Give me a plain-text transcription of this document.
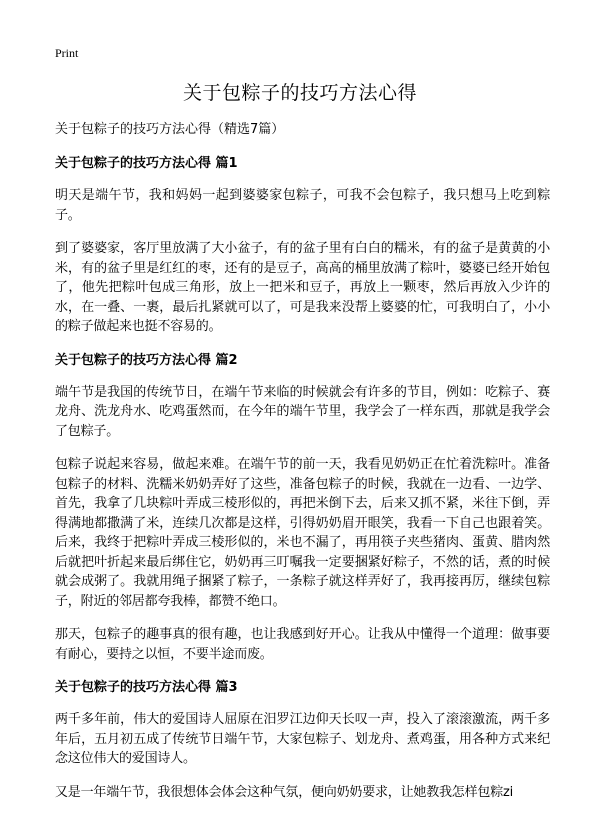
Print
关于包粽子的技巧方法心得

关于包粽子的技巧方法心得（精选7篇）

关于包粽子的技巧方法心得 篇1

明天是端午节，我和妈妈一起到婆婆家包粽子，可我不会包粽子，我只想马上吃到粽子。

到了婆婆家，客厅里放满了大小盆子，有的盆子里有白白的糯米，有的盆子是黄黄的小米，有的盆子里是红红的枣，还有的是豆子，高高的桶里放满了粽叶，婆婆已经开始包了，他先把粽叶包成三角形，放上一把米和豆子，再放上一颗枣，然后再放入少许的水，在一叠、一裹，最后扎紧就可以了，可是我来没帮上婆婆的忙，可我明白了，小小的粽子做起来也挺不容易的。

关于包粽子的技巧方法心得 篇2

端午节是我国的传统节日，在端午节来临的时候就会有许多的节目，例如：吃粽子、赛龙舟、洗龙舟水、吃鸡蛋然而，在今年的端午节里，我学会了一样东西，那就是我学会了包粽子。

包粽子说起来容易，做起来难。在端午节的前一天，我看见奶奶正在忙着洗粽叶。准备包粽子的材料、洗糯米奶奶弄好了这些，准备包粽子的时候，我就在一边看、一边学、首先，我拿了几块粽叶弄成三棱形似的，再把米倒下去，后来又抓不紧，米往下倒，弄得满地都撒满了米，连续几次都是这样，引得奶奶眉开眼笑，我看一下自己也跟着笑。后来，我终于把粽叶弄成三棱形似的，米也不漏了，再用筷子夹些猪肉、蛋黄、腊肉然后就把叶折起来最后绑住它，奶奶再三叮嘱我一定要捆紧好粽子，不然的话，煮的时候就会成粥了。我就用绳子捆紧了粽子，一条粽子就这样弄好了，我再接再厉，继续包粽子，附近的邻居都夸我棒，都赞不绝口。

那天，包粽子的趣事真的很有趣，也让我感到好开心。让我从中懂得一个道理：做事要有耐心，要持之以恒，不要半途而废。

关于包粽子的技巧方法心得 篇3

两千多年前，伟大的爱国诗人屈原在汨罗江边仰天长叹一声，投入了滚滚激流，两千多年后，五月初五成了传统节日端午节，大家包粽子、划龙舟、煮鸡蛋，用各种方式来纪念这位伟大的爱国诗人。

又是一年端午节，我很想体会体会这种气氛，便向奶奶要求，让她教我怎样包粽zi
